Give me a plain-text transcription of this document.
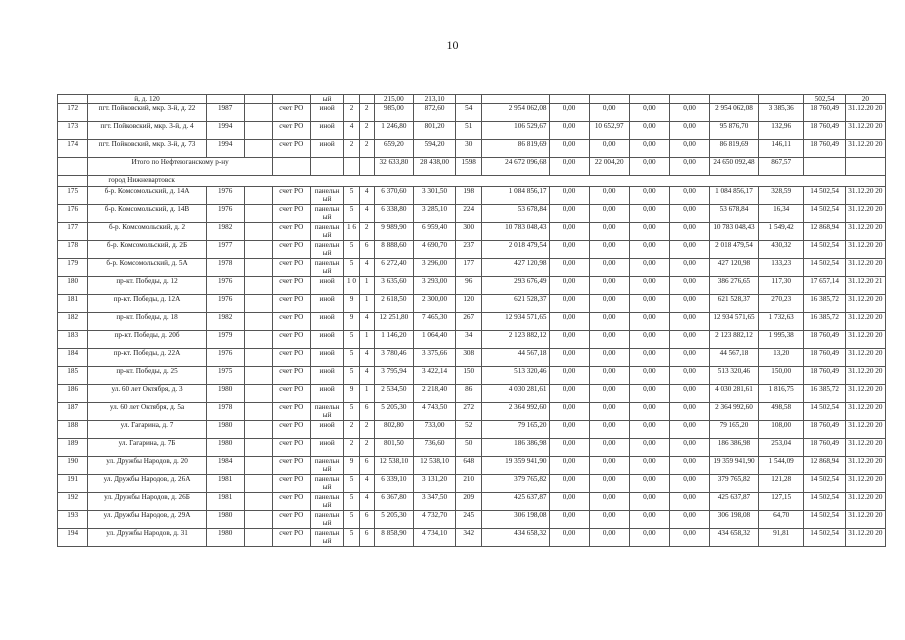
10
	й, д. 120				ый			215,00	213,10									502,54	20
172	пгт. Пойковский, мкр. 3-й, д. 22	1987		счет РО	иной	2	2	985,00	872,60	54	2 954 062,08	0,00	0,00	0,00	0,00	2 954 062,08	3 385,36	18 760,49	31.12.20 20
173	пгт. Пойковский, мкр. 3-й, д. 4	1994		счет РО	иной	4	2	1 246,80	801,20	51	106 529,67	0,00	10 652,97	0,00	0,00	95 876,70	132,96	18 760,49	31.12.20 20
174	пгт. Пойковский, мкр. 3-й, д. 73	1994		счет РО	иной	2	2	659,20	594,20	30	86 819,69	0,00	0,00	0,00	0,00	86 819,69	146,11	18 760,49	31.12.20 20
	Итого по Нефтеюганскому р-ну							32 633,80	28 438,00	1598	24 672 096,68	0,00	22 004,20	0,00	0,00	24 650 092,48	867,57		
	город Нижневартовск																		
175	б-р. Комсомольский, д. 14А	1976		счет РО	панельн ый	5	4	6 370,60	3 301,50	198	1 084 856,17	0,00	0,00	0,00	0,00	1 084 856,17	328,59	14 502,54	31.12.20 20
176	б-р. Комсомольский, д. 14В	1976		счет РО	панельн ый	5	4	6 338,80	3 285,10	224	53 678,84	0,00	0,00	0,00	0,00	53 678,84	16,34	14 502,54	31.12.20 20
177	б-р. Комсомольский, д. 2	1982		счет РО	панельн ый	1 6	2	9 989,90	6 959,40	300	10 783 048,43	0,00	0,00	0,00	0,00	10 783 048,43	1 549,42	12 868,94	31.12.20 20
178	б-р. Комсомольский, д. 2Б	1977		счет РО	панельн ый	5	6	8 888,60	4 690,70	237	2 018 479,54	0,00	0,00	0,00	0,00	2 018 479,54	430,32	14 502,54	31.12.20 20
179	б-р. Комсомольский, д. 5А	1978		счет РО	панельн ый	5	4	6 272,40	3 296,00	177	427 120,98	0,00	0,00	0,00	0,00	427 120,98	133,23	14 502,54	31.12.20 20
180	пр-кт. Победы, д. 12	1976		счет РО	иной	1 0	1	3 635,60	3 293,00	96	293 676,49	0,00	0,00	0,00	0,00	386 276,65	117,30	17 657,14	31.12.20 21
181	пр-кт. Победы, д. 12А	1976		счет РО	иной	9	1	2 618,50	2 300,00	120	621 528,37	0,00	0,00	0,00	0,00	621 528,37	270,23	16 385,72	31.12.20 20
182	пр-кт. Победы, д. 18	1982		счет РО	иной	9	4	12 251,80	7 465,30	267	12 934 571,65	0,00	0,00	0,00	0,00	12 934 571,65	1 732,63	16 385,72	31.12.20 20
183	пр-кт. Победы, д. 20б	1979		счет РО	иной	5	1	1 146,20	1 064,40	34	2 123 882,12	0,00	0,00	0,00	0,00	2 123 882,12	1 995,38	18 760,49	31.12.20 20
184	пр-кт. Победы, д. 22А	1976		счет РО	иной	5	4	3 780,46	3 375,66	308	44 567,18	0,00	0,00	0,00	0,00	44 567,18	13,20	18 760,49	31.12.20 20
185	пр-кт. Победы, д. 25	1975		счет РО	иной	5	4	3 795,94	3 422,14	150	513 320,46	0,00	0,00	0,00	0,00	513 320,46	150,00	18 760,49	31.12.20 20
186	ул. 60 лет Октября, д. 3	1980		счет РО	иной	9	1	2 534,50	2 218,40	86	4 030 281,61	0,00	0,00	0,00	0,00	4 030 281,61	1 816,75	16 385,72	31.12.20 20
187	ул. 60 лет Октября, д. 5а	1978		счет РО	панельн ый	5	6	5 205,30	4 743,50	272	2 364 992,60	0,00	0,00	0,00	0,00	2 364 992,60	498,58	14 502,54	31.12.20 20
188	ул. Гагарина, д. 7	1980		счет РО	иной	2	2	802,80	733,00	52	79 165,20	0,00	0,00	0,00	0,00	79 165,20	108,00	18 760,49	31.12.20 20
189	ул. Гагарина, д. 7Б	1980		счет РО	иной	2	2	801,50	736,60	50	186 386,98	0,00	0,00	0,00	0,00	186 386,98	253,04	18 760,49	31.12.20 20
190	ул. Дружбы Народов, д. 20	1984		счет РО	панельн ый	9	6	12 538,10	12 538,10	648	19 359 941,90	0,00	0,00	0,00	0,00	19 359 941,90	1 544,09	12 868,94	31.12.20 20
191	ул. Дружбы Народов, д. 26А	1981		счет РО	панельн ый	5	4	6 339,10	3 131,20	210	379 765,82	0,00	0,00	0,00	0,00	379 765,82	121,28	14 502,54	31.12.20 20
192	ул. Дружбы Народов, д. 26Б	1981		счет РО	панельн ый	5	4	6 367,80	3 347,50	209	425 637,87	0,00	0,00	0,00	0,00	425 637,87	127,15	14 502,54	31.12.20 20
193	ул. Дружбы Народов, д. 29А	1980		счет РО	панельн ый	5	6	5 205,30	4 732,70	245	306 198,08	0,00	0,00	0,00	0,00	306 198,08	64,70	14 502,54	31.12.20 20
194	ул. Дружбы Народов, д. 31	1980		счет РО	панельн ый	5	6	8 858,90	4 734,10	342	434 658,32	0,00	0,00	0,00	0,00	434 658,32	91,81	14 502,54	31.12.20 20
